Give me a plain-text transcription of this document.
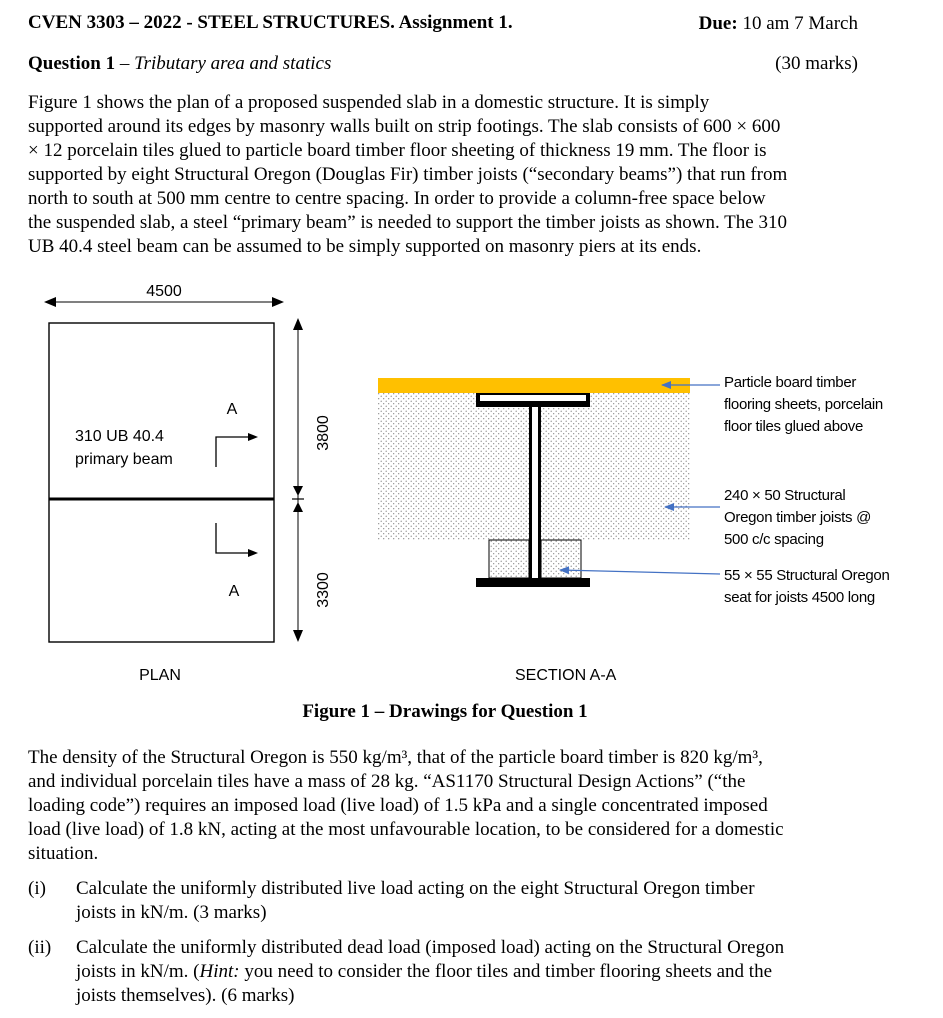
CVEN 3303 – 2022 - STEEL STRUCTURES. Assignment 1.	Due: 10 am 7 March
Question 1 – Tributary area and statics	(30 marks)
Figure 1 shows the plan of a proposed suspended slab in a domestic structure. It is simply
supported around its edges by masonry walls built on strip footings. The slab consists of 600 × 600
× 12 porcelain tiles glued to particle board timber floor sheeting of thickness 19 mm. The floor is
supported by eight Structural Oregon (Douglas Fir) timber joists (“secondary beams”) that run from
north to south at 500 mm centre to centre spacing. In order to provide a column-free space below
the suspended slab, a steel “primary beam” is needed to support the timber joists as shown. The 310
UB 40.4 steel beam can be assumed to be simply supported on masonry piers at its ends.
4500
310 UB 40.4
primary beam
A
A
3800
3300
PLAN	SECTION A-A
Particle board timber
flooring sheets, porcelain
floor tiles glued above
240 × 50 Structural
Oregon timber joists @
500 c/c spacing
55 × 55 Structural Oregon
seat for joists 4500 long
Figure 1 – Drawings for Question 1
The density of the Structural Oregon is 550 kg/m³, that of the particle board timber is 820 kg/m³,
and individual porcelain tiles have a mass of 28 kg. “AS1170 Structural Design Actions” (“the
loading code”) requires an imposed load (live load) of 1.5 kPa and a single concentrated imposed
load (live load) of 1.8 kN, acting at the most unfavourable location, to be considered for a domestic
situation.
(i) Calculate the uniformly distributed live load acting on the eight Structural Oregon timber
joists in kN/m. (3 marks)
(ii) Calculate the uniformly distributed dead load (imposed load) acting on the Structural Oregon
joists in kN/m. (Hint: you need to consider the floor tiles and timber flooring sheets and the
joists themselves). (6 marks)
